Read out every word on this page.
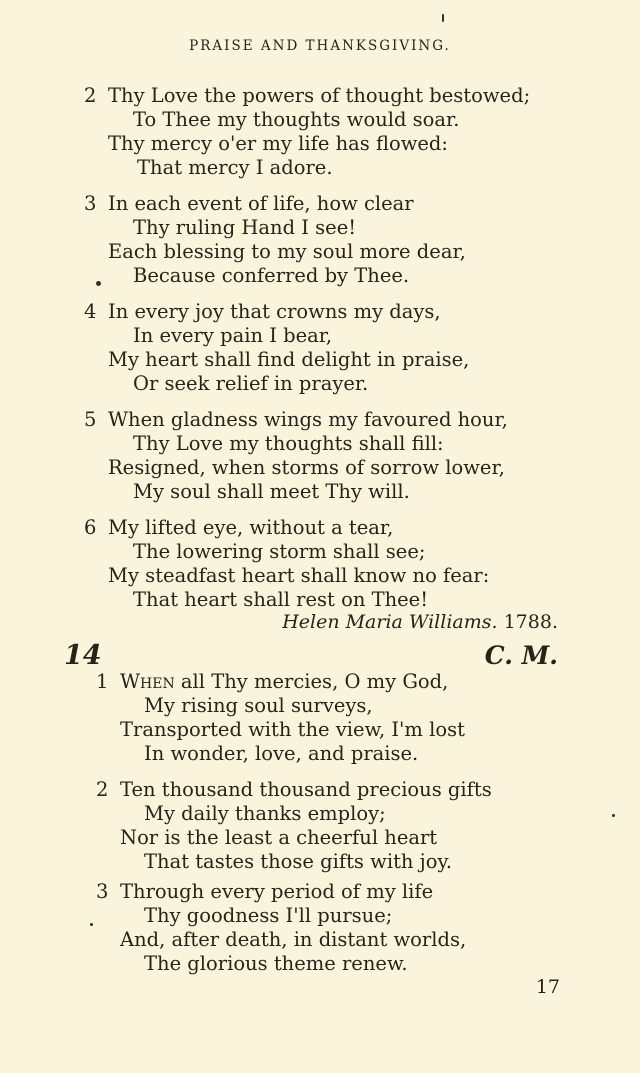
PRAISE AND THANKSGIVING.
2 Thy Love the powers of thought bestowed;
To Thee my thoughts would soar.
Thy mercy o'er my life has flowed:
That mercy I adore.
3 In each event of life, how clear
Thy ruling Hand I see!
Each blessing to my soul more dear,
Because conferred by Thee.
4 In every joy that crowns my days,
In every pain I bear,
My heart shall find delight in praise,
Or seek relief in prayer.
5 When gladness wings my favoured hour,
Thy Love my thoughts shall fill:
Resigned, when storms of sorrow lower,
My soul shall meet Thy will.
6 My lifted eye, without a tear,
The lowering storm shall see;
My steadfast heart shall know no fear:
That heart shall rest on Thee!
Helen Maria Williams. 1788.
14	C. M.
1 When all Thy mercies, O my God,
My rising soul surveys,
Transported with the view, I'm lost
In wonder, love, and praise.
2 Ten thousand thousand precious gifts
My daily thanks employ;
Nor is the least a cheerful heart
That tastes those gifts with joy.
3 Through every period of my life
Thy goodness I'll pursue;
And, after death, in distant worlds,
The glorious theme renew.
17
